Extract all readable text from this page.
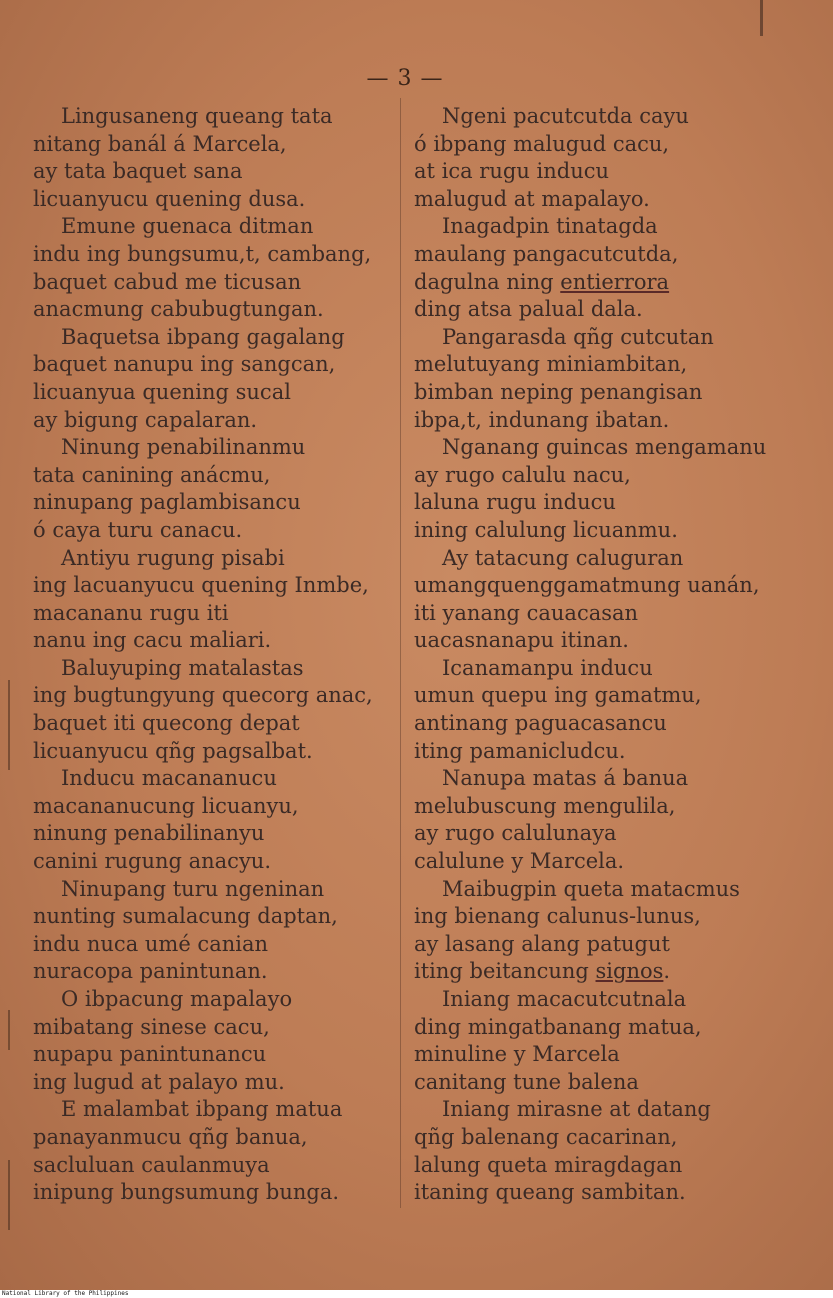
— 3 —
Lingusaneng queang tata
nitang banál á Marcela,
ay tata baquet sana
licuanyucu quening dusa.
Emune guenaca ditman
indu ing bungsumu,t, cambang,
baquet cabud me ticusan
anacmung cabubugtungan.
Baquetsa ibpang gagalang
baquet nanupu ing sangcan,
licuanyua quening sucal
ay bigung capalaran.
Ninung penabilinanmu
tata canining anácmu,
ninupang paglambisancu
ó caya turu canacu.
Antiyu rugung pisabi
ing lacuanyucu quening Inmbe,
macananu rugu iti
nanu ing cacu maliari.
Baluyuping matalastas
ing bugtungyung quecorg anac,
baquet iti quecong depat
licuanyucu qñg pagsalbat.
Inducu macananucu
macananucung licuanyu,
ninung penabilinanyu
canini rugung anacyu.
Ninupang turu ngeninan
nunting sumalacung daptan,
indu nuca umé canian
nuracopa panintunan.
O ibpacung mapalayo
mibatang sinese cacu,
nupapu panintunancu
ing lugud at palayo mu.
E malambat ibpang matua
panayanmucu qñg banua,
sacluluan caulanmuya
inipung bungsumung bunga.
Ngeni pacutcutda cayu
ó ibpang malugud cacu,
at ica rugu inducu
malugud at mapalayo.
Inagadpin tinatagda
maulang pangacutcutda,
dagulna ning entierrora
ding atsa palual dala.
Pangarasda qñg cutcutan
melutuyang miniambitan,
bimban neping penangisan
ibpa,t, indunang ibatan.
Nganang guincas mengamanu
ay rugo calulu nacu,
laluna rugu inducu
ining calulung licuanmu.
Ay tatacung caluguran
umangquenggamatmung uanán,
iti yanang cauacasan
uacasnanapu itinan.
Icanamanpu inducu
umun quepu ing gamatmu,
antinang paguacasancu
iting pamanicludcu.
Nanupa matas á banua
melubuscung mengulila,
ay rugo calulunaya
calulune y Marcela.
Maibugpin queta matacmus
ing bienang calunus-lunus,
ay lasang alang patugut
iting beitancung signos.
Iniang macacutcutnala
ding mingatbanang matua,
minuline y Marcela
canitang tune balena
Iniang mirasne at datang
qñg balenang cacarinan,
lalung queta miragdagan
itaning queang sambitan.
National Library of the Philippines
